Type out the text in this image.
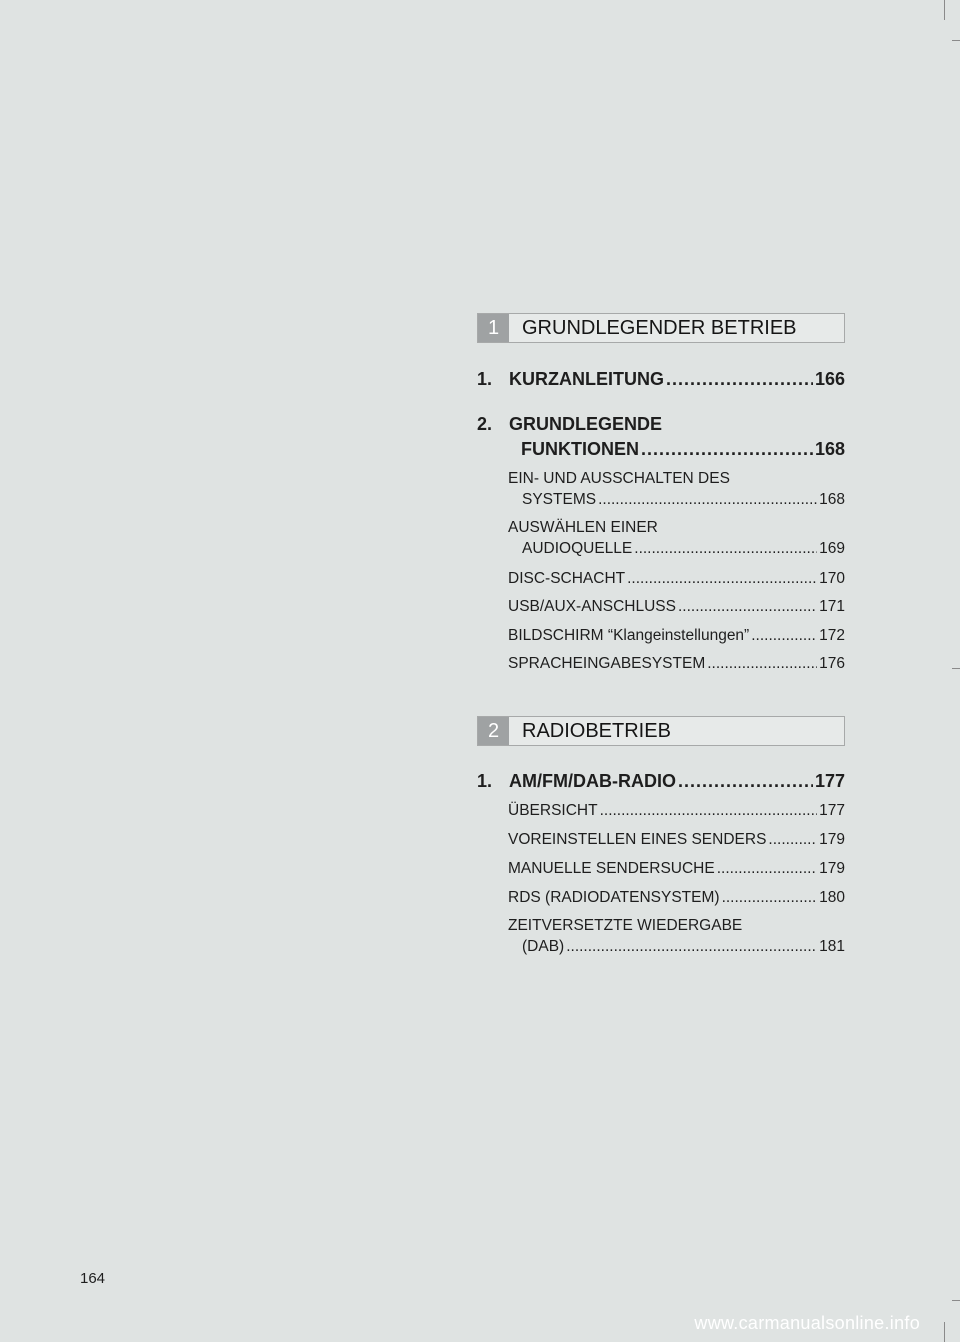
1	GRUNDLEGENDER BETRIEB
1. KURZANLEITUNG .....	166
2. GRUNDLEGENDE
FUNKTIONEN .....	168
EIN- UND AUSSCHALTEN DES
SYSTEMS .....	168
AUSWÄHLEN EINER
AUDIOQUELLE .....	169
DISC-SCHACHT .....	170
USB/AUX-ANSCHLUSS .....	171
BILDSCHIRM “Klangeinstellungen” .....	172
SPRACHEINGABESYSTEM .....	176
2	RADIOBETRIEB
1. AM/FM/DAB-RADIO .....	177
ÜBERSICHT .....	177
VOREINSTELLEN EINES SENDERS .....	179
MANUELLE SENDERSUCHE .....	179
RDS (RADIODATENSYSTEM) .....	180
ZEITVERSETZTE WIEDERGABE
(DAB) .....	181
164
www.carmanualsonline.info
